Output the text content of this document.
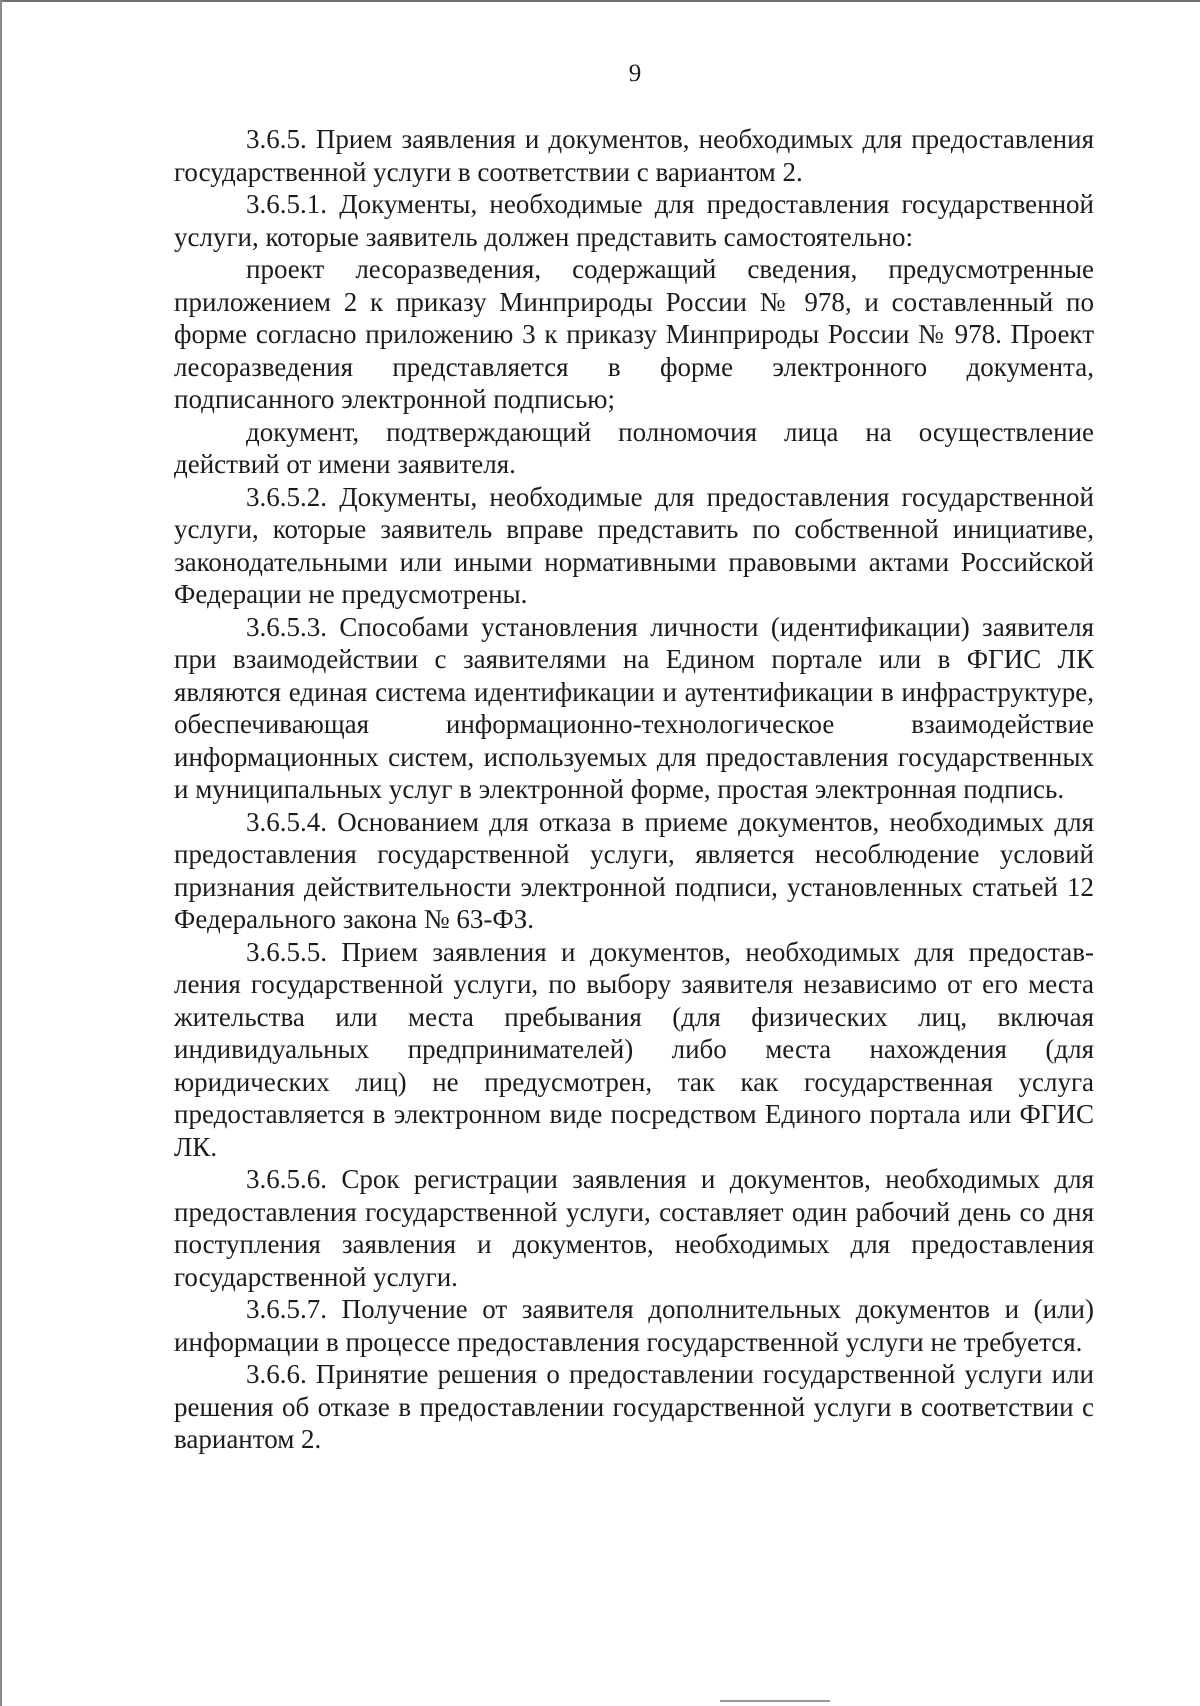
9

3.6.5. Прием заявления и документов, необходимых для предоставления государственной услуги в соответствии с вариантом 2.

3.6.5.1. Документы, необходимые для предоставления государственной услуги, которые заявитель должен представить самостоятельно:

проект лесоразведения, содержащий сведения, предусмотренные приложением 2 к приказу Минприроды России № 978, и составленный по форме согласно приложению 3 к приказу Минприроды России № 978. Проект лесоразведения представляется в форме электронного документа, подписанного электронной подписью;

документ, подтверждающий полномочия лица на осуществление действий от имени заявителя.

3.6.5.2. Документы, необходимые для предоставления государственной услуги, которые заявитель вправе представить по собственной инициативе, законодательными или иными нормативными правовыми актами Российской Федерации не предусмотрены.

3.6.5.3. Способами установления личности (идентификации) заявителя при взаимодействии с заявителями на Едином портале или в ФГИС ЛК являются единая система идентификации и аутентификации в инфраструктуре, обеспечивающая информационно-технологическое взаимодействие информационных систем, используемых для предоставления государственных и муниципальных услуг в электронной форме, простая электронная подпись.

3.6.5.4. Основанием для отказа в приеме документов, необходимых для предоставления государственной услуги, является несоблюдение условий признания действительности электронной подписи, установленных статьей 12 Федерального закона № 63-ФЗ.

3.6.5.5. Прием заявления и документов, необходимых для предоставления государственной услуги, по выбору заявителя независимо от его места жительства или места пребывания (для физических лиц, включая индивидуальных предпринимателей) либо места нахождения (для юридических лиц) не предусмотрен, так как государственная услуга предоставляется в электронном виде посредством Единого портала или ФГИС ЛК.

3.6.5.6. Срок регистрации заявления и документов, необходимых для предоставления государственной услуги, составляет один рабочий день со дня поступления заявления и документов, необходимых для предоставления государственной услуги.

3.6.5.7. Получение от заявителя дополнительных документов и (или) информации в процессе предоставления государственной услуги не требуется.

3.6.6. Принятие решения о предоставлении государственной услуги или решения об отказе в предоставлении государственной услуги в соответствии с вариантом 2.
